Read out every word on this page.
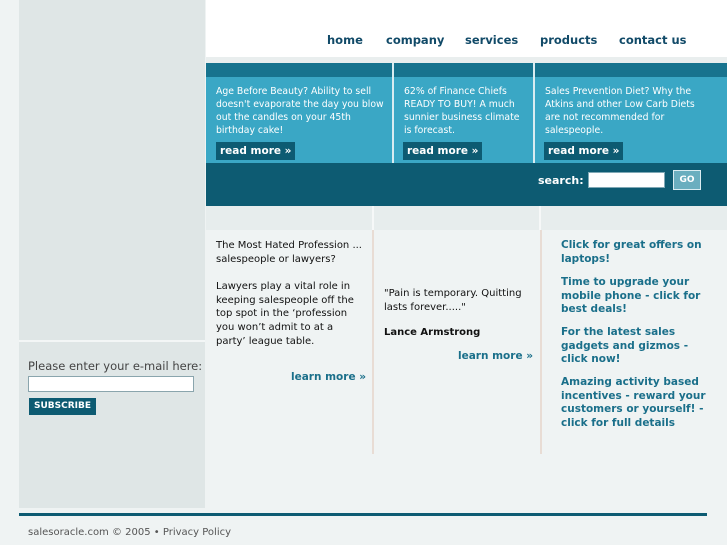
home company services products contact us
Age Before Beauty? Ability to sell doesn't evaporate the day you blow out the candles on your 45th birthday cake!
read more »
62% of Finance Chiefs READY TO BUY! A much sunnier business climate is forecast.
read more »
Sales Prevention Diet? Why the Atkins and other Low Carb Diets are not recommended for salespeople.
read more »
search:	GO

The Most Hated Profession ... salespeople or lawyers?

Lawyers play a vital role in keeping salespeople off the top spot in the ‘profession you won’t admit to at a party’ league table.

learn more »
"Pain is temporary. Quitting lasts forever....."
Lance Armstrong
learn more »
Click for great offers on laptops!
Time to upgrade your mobile phone - click for best deals!
For the latest sales gadgets and gizmos - click now!
Amazing activity based incentives - reward your customers or yourself! - click for full details
Please enter your e-mail here:
SUBSCRIBE
salesoracle.com © 2005 • Privacy Policy
